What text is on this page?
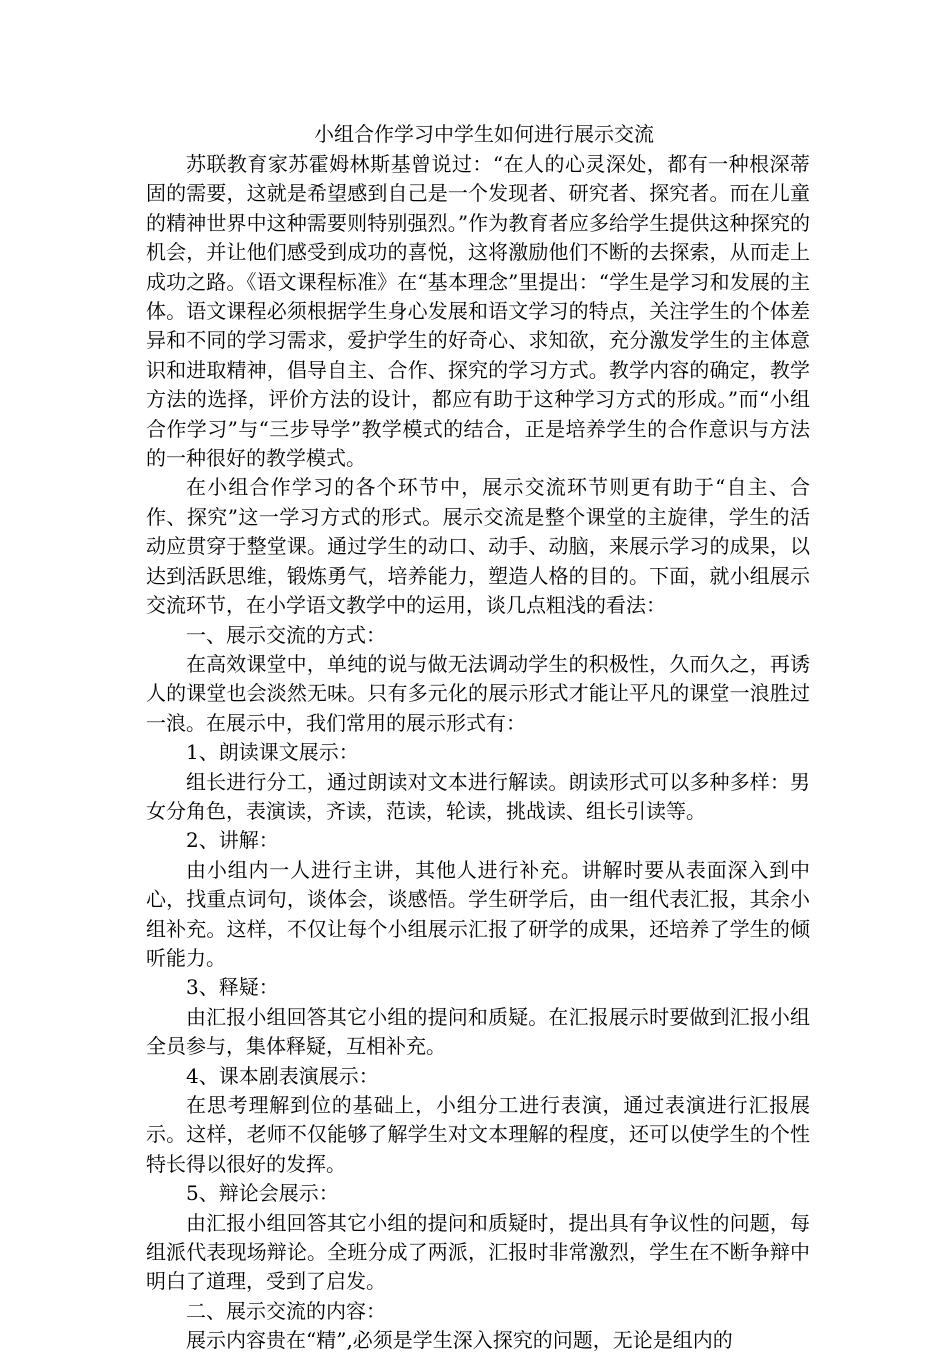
小组合作学习中学生如何进行展示交流

苏联教育家苏霍姆林斯基曾说过：“在人的心灵深处，都有一种根深蒂固的需要，这就是希望感到自己是一个发现者、研究者、探究者。而在儿童的精神世界中这种需要则特别强烈。”作为教育者应多给学生提供这种探究的机会，并让他们感受到成功的喜悦，这将激励他们不断的去探索，从而走上成功之路。《语文课程标准》在“基本理念”里提出：“学生是学习和发展的主体。语文课程必须根据学生身心发展和语文学习的特点，关注学生的个体差异和不同的学习需求，爱护学生的好奇心、求知欲，充分激发学生的主体意识和进取精神，倡导自主、合作、探究的学习方式。教学内容的确定，教学方法的选择，评价方法的设计，都应有助于这种学习方式的形成。”而“小组合作学习”与“三步导学”教学模式的结合，正是培养学生的合作意识与方法的一种很好的教学模式。

在小组合作学习的各个环节中，展示交流环节则更有助于“自主、合作、探究”这一学习方式的形式。展示交流是整个课堂的主旋律，学生的活动应贯穿于整堂课。通过学生的动口、动手、动脑，来展示学习的成果，以达到活跃思维，锻炼勇气，培养能力，塑造人格的目的。下面，就小组展示交流环节，在小学语文教学中的运用，谈几点粗浅的看法：

一、展示交流的方式：

在高效课堂中，单纯的说与做无法调动学生的积极性，久而久之，再诱人的课堂也会淡然无味。只有多元化的展示形式才能让平凡的课堂一浪胜过一浪。在展示中，我们常用的展示形式有：

1、朗读课文展示：

组长进行分工，通过朗读对文本进行解读。朗读形式可以多种多样：男女分角色，表演读，齐读，范读，轮读，挑战读、组长引读等。

2、讲解：

由小组内一人进行主讲，其他人进行补充。讲解时要从表面深入到中心，找重点词句，谈体会，谈感悟。学生研学后，由一组代表汇报，其余小组补充。这样，不仅让每个小组展示汇报了研学的成果，还培养了学生的倾听能力。

3、释疑：

由汇报小组回答其它小组的提问和质疑。在汇报展示时要做到汇报小组全员参与，集体释疑，互相补充。

4、课本剧表演展示：

在思考理解到位的基础上，小组分工进行表演，通过表演进行汇报展示。这样，老师不仅能够了解学生对文本理解的程度，还可以使学生的个性特长得以很好的发挥。

5、辩论会展示：

由汇报小组回答其它小组的提问和质疑时，提出具有争议性的问题，每组派代表现场辩论。全班分成了两派，汇报时非常激烈，学生在不断争辩中明白了道理，受到了启发。

二、展示交流的内容：

展示内容贵在“精”,必须是学生深入探究的问题，无论是组内的
